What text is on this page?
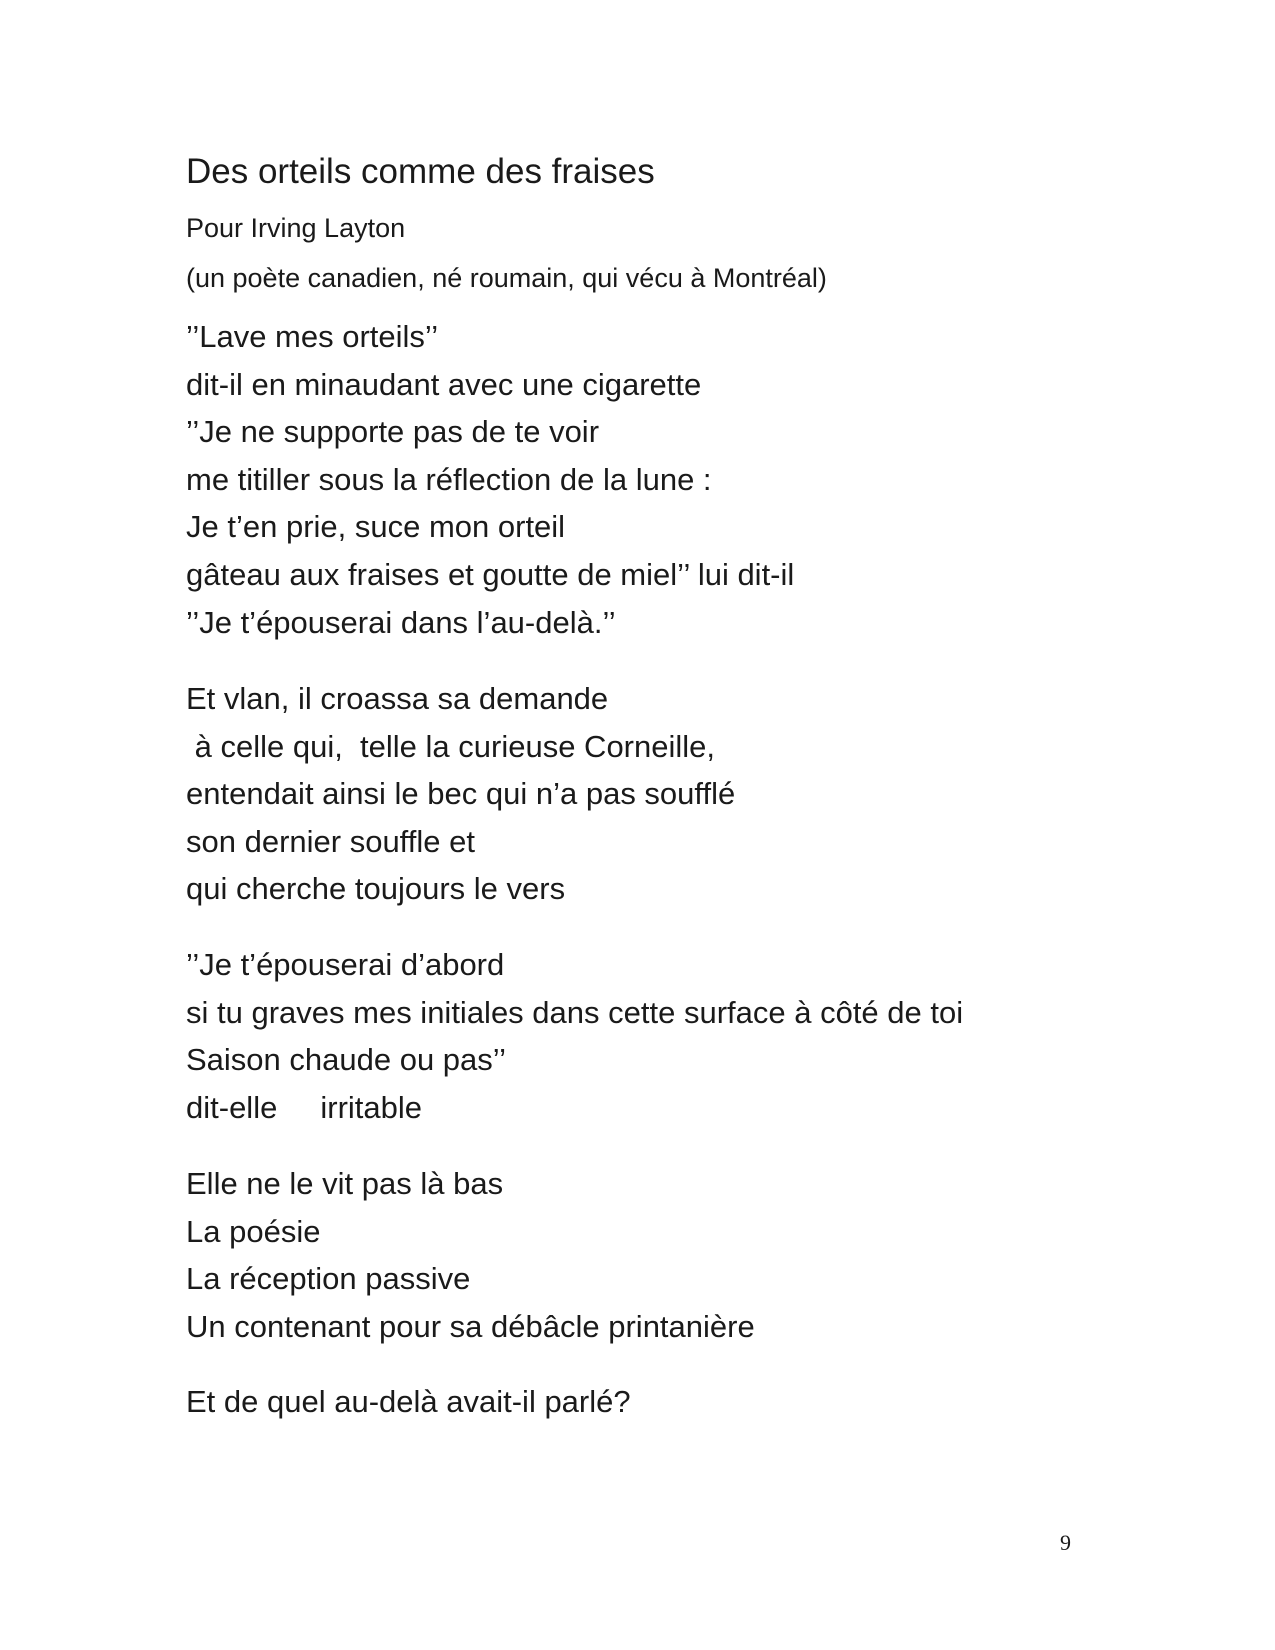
Des orteils comme des fraises
Pour Irving Layton
(un poète canadien, né roumain, qui vécu à Montréal)
’’Lave mes orteils’’
dit-il en minaudant avec une cigarette
’’Je ne supporte pas de te voir
me titiller sous la réflection de la lune :
Je t’en prie, suce mon orteil
gâteau aux fraises et goutte de miel’’ lui dit-il
’’Je t’épouserai dans l’au-delà.’’
Et vlan, il croassa sa demande
à celle qui,  telle la curieuse Corneille,
entendait ainsi le bec qui n’a pas soufflé
son dernier souffle et
qui cherche toujours le vers
’’Je t’épouserai d’abord
si tu graves mes initiales dans cette surface à côté de toi
Saison chaude ou pas’’
dit-elle     irritable
Elle ne le vit pas là bas
La poésie
La réception passive
Un contenant pour sa débâcle printanière
Et de quel au-delà avait-il parlé?
9
